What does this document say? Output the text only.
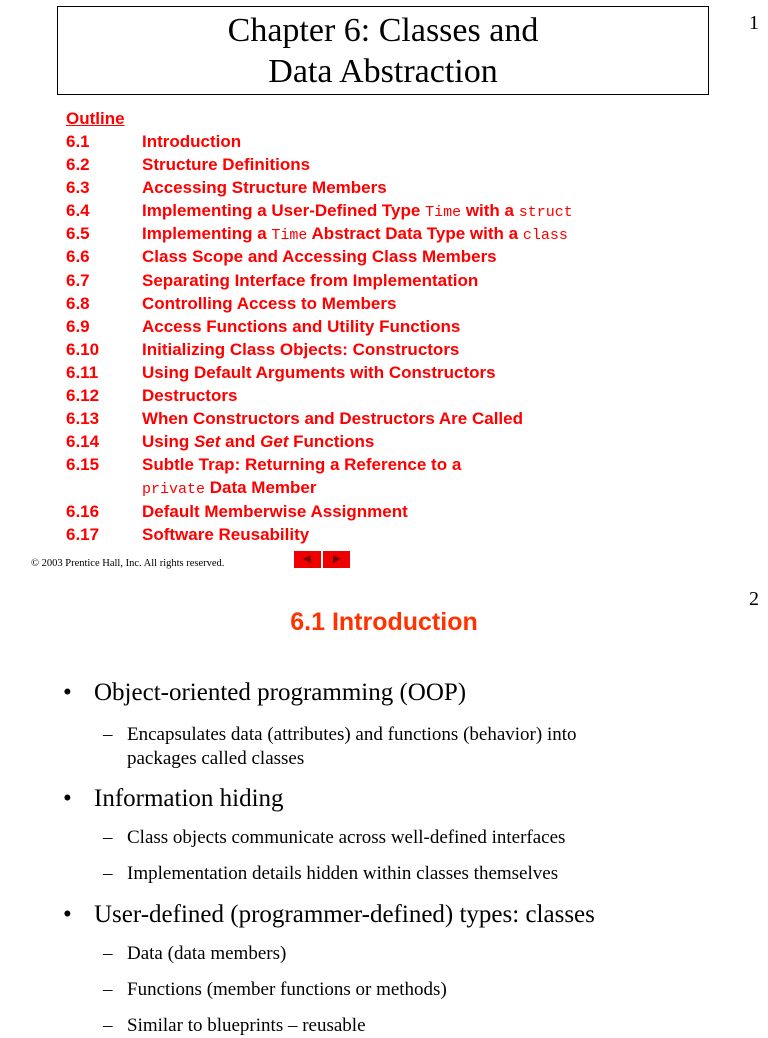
1
Chapter 6: Classes and
Data Abstraction
Outline
6.1	Introduction
6.2	Structure Definitions
6.3	Accessing Structure Members
6.4	Implementing a User-Defined Type Time with a struct
6.5	Implementing a Time Abstract Data Type with a class
6.6	Class Scope and Accessing Class Members
6.7	Separating Interface from Implementation
6.8	Controlling Access to Members
6.9	Access Functions and Utility Functions
6.10	Initializing Class Objects: Constructors
6.11	Using Default Arguments with Constructors
6.12	Destructors
6.13	When Constructors and Destructors Are Called
6.14	Using Set and Get Functions
6.15	Subtle Trap: Returning a Reference to a
private Data Member
6.16	Default Memberwise Assignment
6.17	Software Reusability
© 2003 Prentice Hall, Inc. All rights reserved.
2
6.1 Introduction
• Object-oriented programming (OOP)
– Encapsulates data (attributes) and functions (behavior) into
packages called classes
• Information hiding
– Class objects communicate across well-defined interfaces
– Implementation details hidden within classes themselves
• User-defined (programmer-defined) types: classes
– Data (data members)
– Functions (member functions or methods)
– Similar to blueprints – reusable
